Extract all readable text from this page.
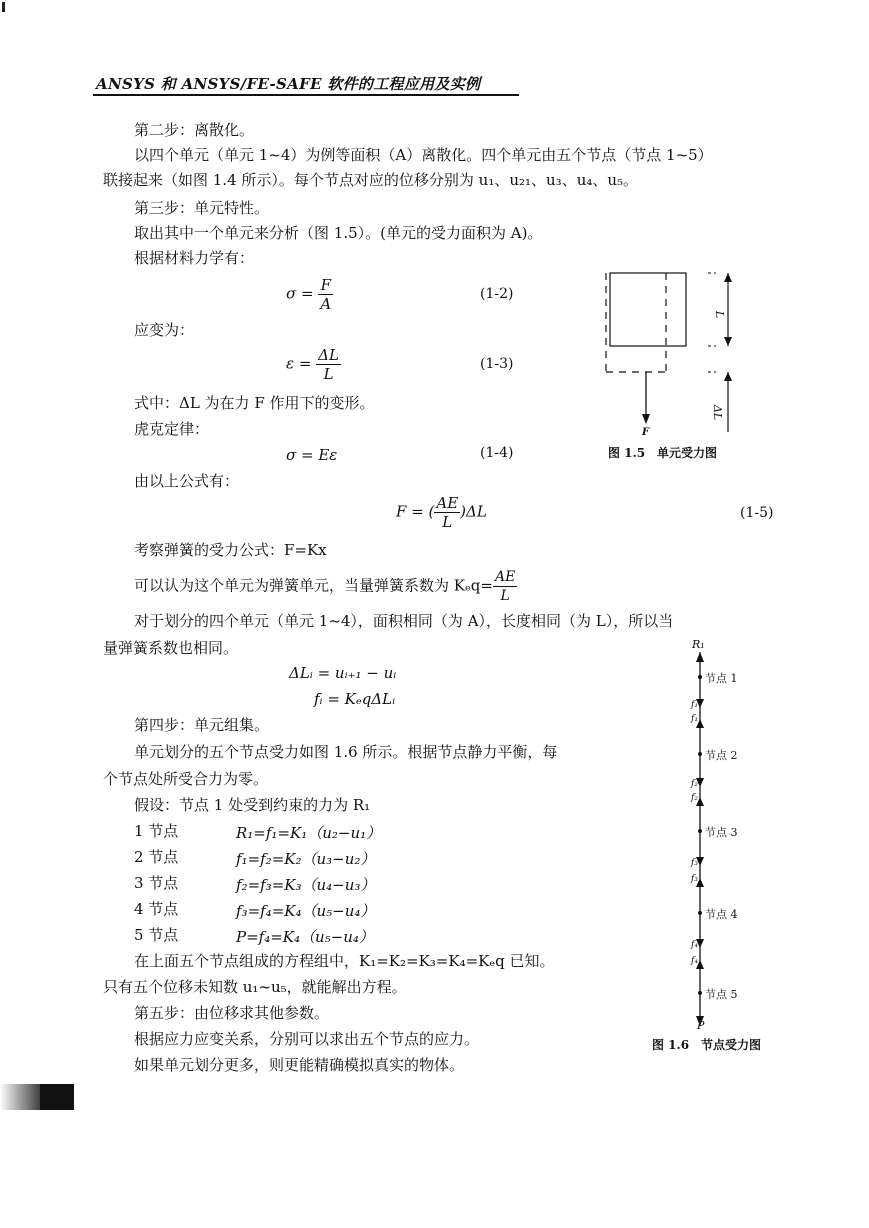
ANSYS 和 ANSYS/FE-SAFE 软件的工程应用及实例
第二步：离散化。
以四个单元（单元 1~4）为例等面积（A）离散化。四个单元由五个节点（节点 1~5）
联接起来（如图 1.4 所示）。每个节点对应的位移分别为 u₁、u₂₁、u₃、u₄、u₅。
第三步：单元特性。
取出其中一个单元来分析（图 1.5）。(单元的受力面积为 A)。
根据材料力学有：
$\sigma = \frac{F}{A}$	(1-2)
应变为：
$\varepsilon = \frac{\Delta L}{L}$	(1-3)
式中：ΔL 为在力 F 作用下的变形。
虎克定律：
σ = Eε	(1-4)
由以上公式有：
F = ( $\frac{AE}{L} )\Delta L$	(1-5)
考察弹簧的受力公式：F=Kx
可以认为这个单元为弹簧单元，当量弹簧系数为 $K_eq= \frac{AE}{L}$
对于划分的四个单元（单元 1~4），面积相同（为 A），长度相同（为 L），所以当
量弹簧系数也相同。
ΔLᵢ = uᵢ₊₁ − uᵢ
fᵢ = KₑqΔLᵢ
第四步：单元组集。
单元划分的五个节点受力如图 1.6 所示。根据节点静力平衡，每
个节点处所受合力为零。
假设：节点 1 处受到约束的力为 R₁
1 节点	R₁=f₁=K₁（u₂−u₁）
2 节点	f₁=f₂=K₂（u₃−u₂）
3 节点	f₂=f₃=K₃（u₄−u₃）
4 节点	f₃=f₄=K₄（u₅−u₄）
5 节点	P=f₄=K₄（u₅−u₄）
在上面五个节点组成的方程组中，K₁=K₂=K₃=K₄=Kₑq 已知。
只有五个位移未知数 u₁~u₅，就能解出方程。
第五步：由位移求其他参数。
根据应力应变关系，分别可以求出五个节点的应力。
如果单元划分更多，则更能精确模拟真实的物体。
L
ΔL
F
图 1.5　单元受力图
R₁
节点 1
节点 2
节点 3
节点 4
节点 5
f₁
f₁
f₂
f₂
f₃
f₃
f₄
f₄
P
图 1.6　节点受力图
